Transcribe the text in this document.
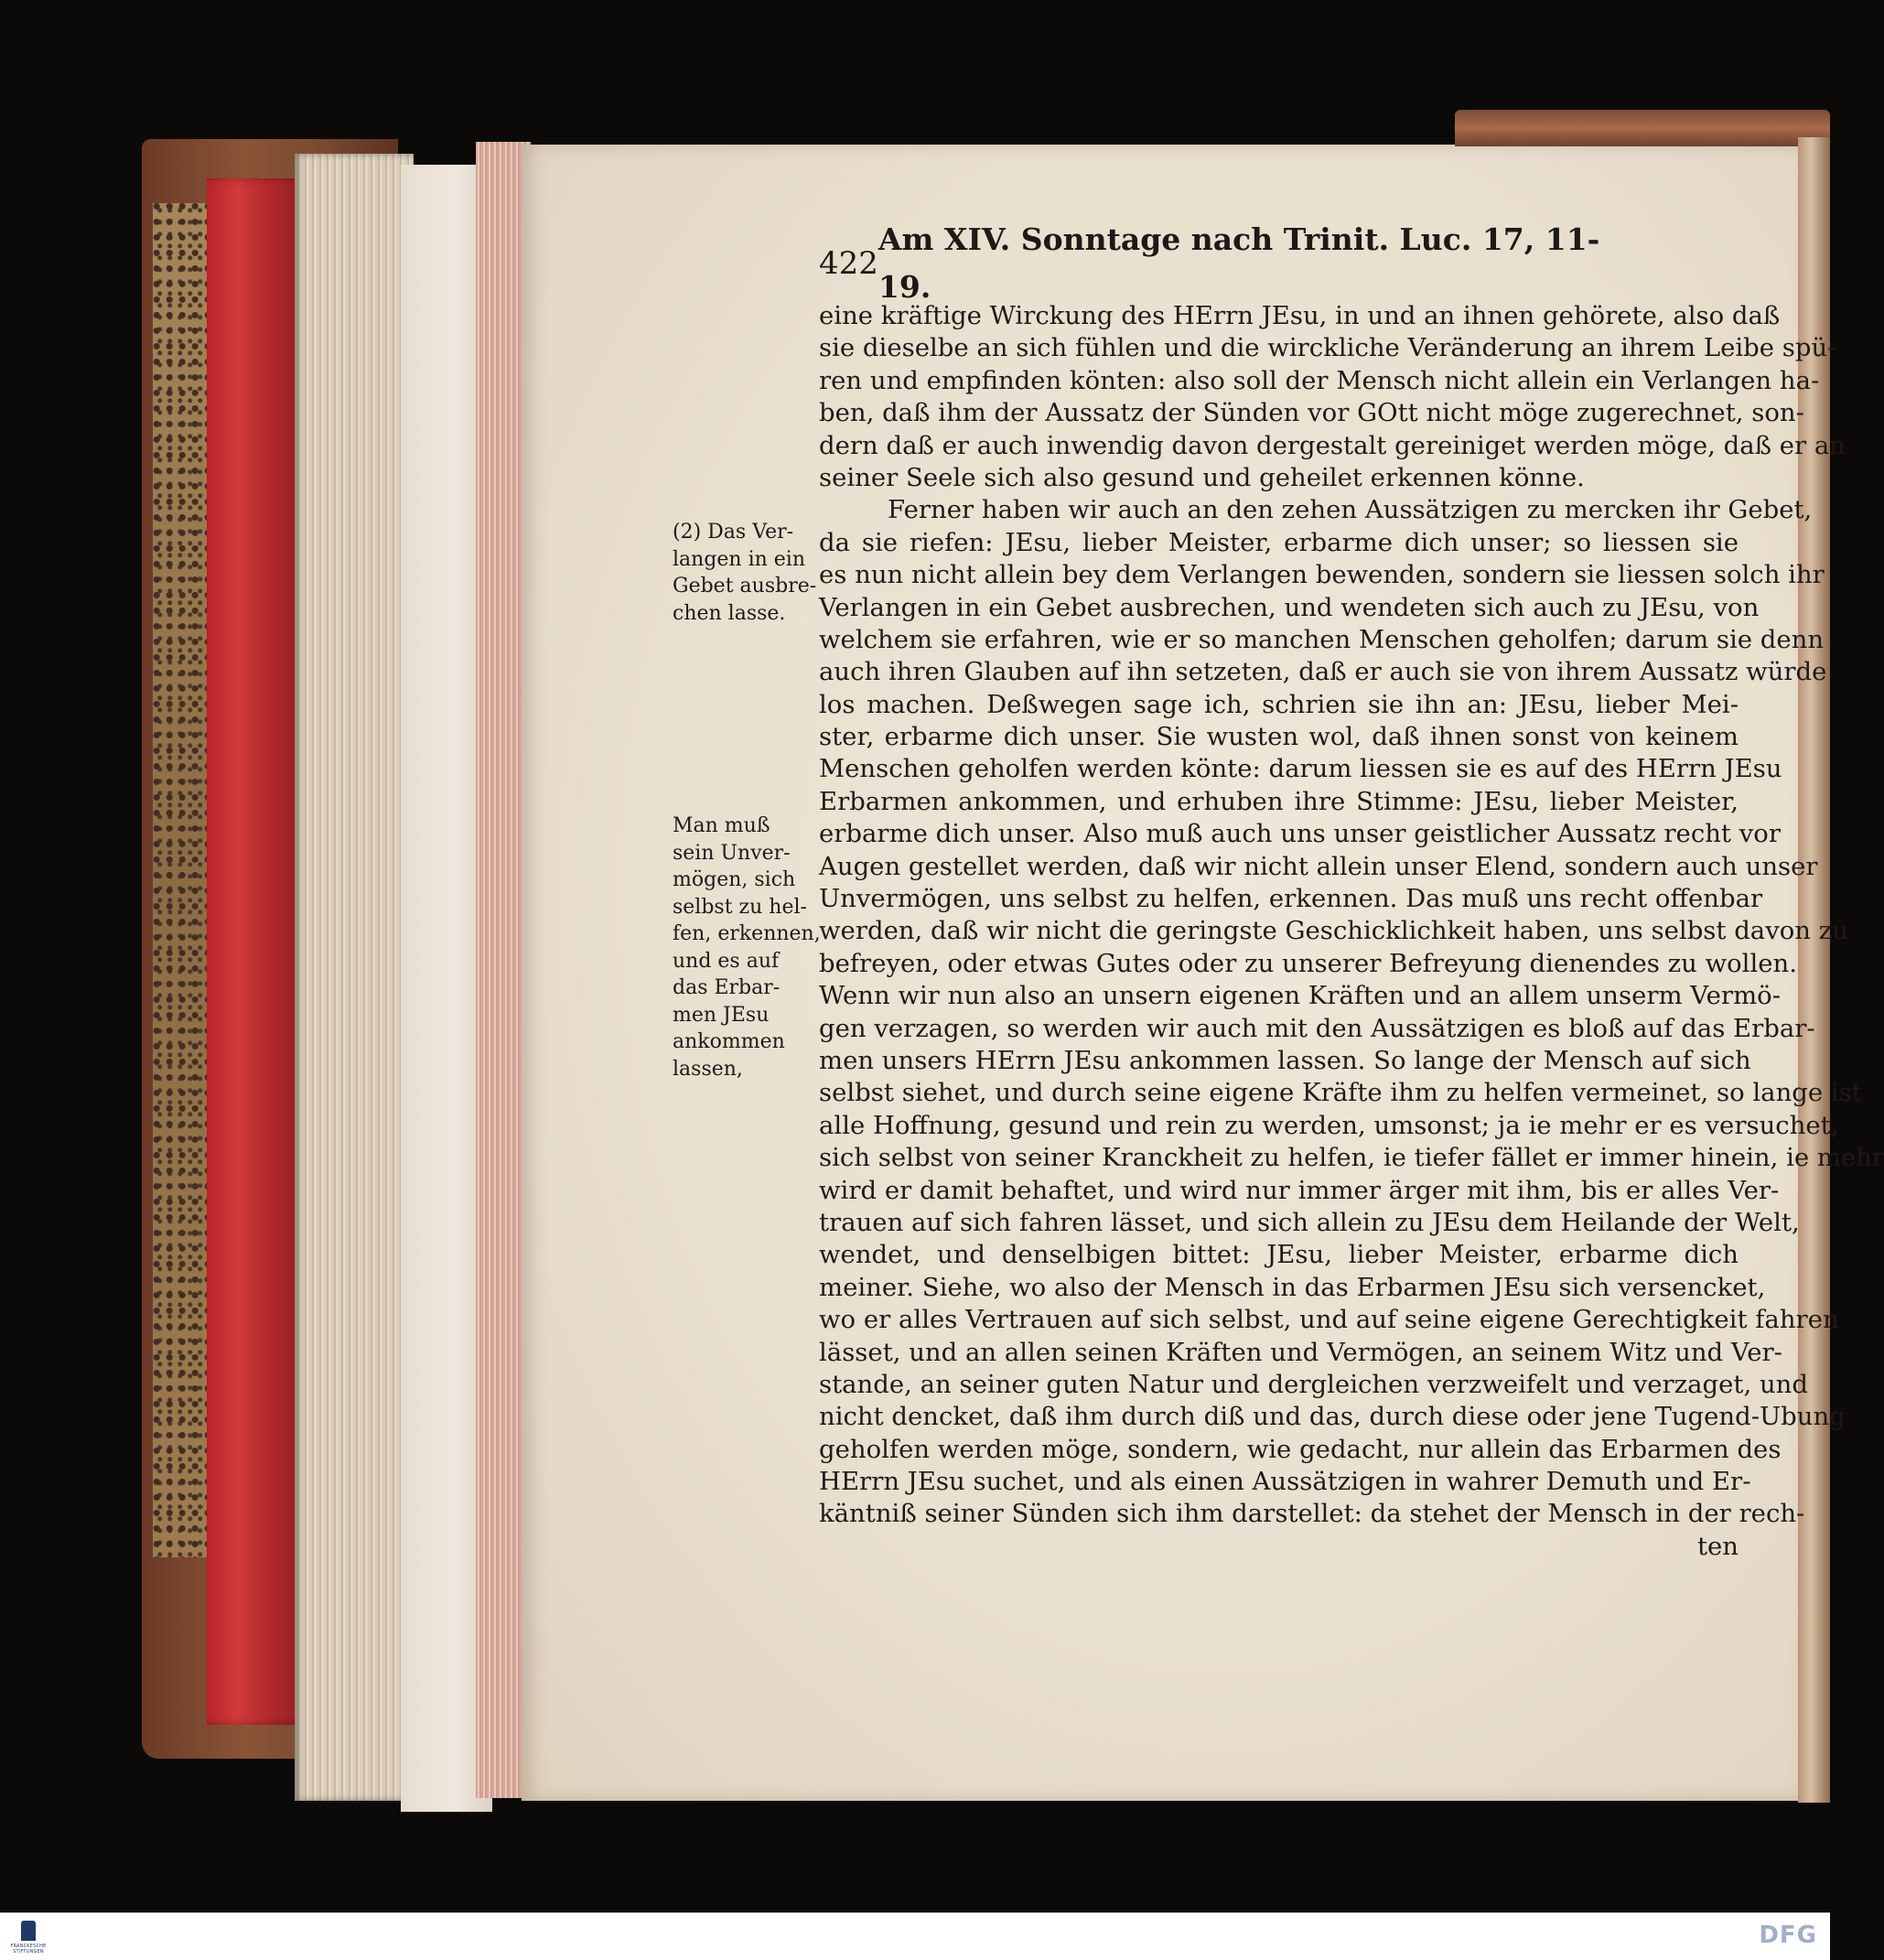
422
Am XIV. Sonntage nach Trinit. Luc. 17, 11-19.
(2) Das Ver-
langen in ein
Gebet ausbre-
chen lasse.
Man muß
sein Unver-
mögen, sich
selbst zu hel-
fen, erkennen,
und es auf
das Erbar-
men JEsu
ankommen
lassen,
eine kräftige Wirckung des HErrn JEsu, in und an ihnen gehörete, also daß
sie dieselbe an sich fühlen und die wirckliche Veränderung an ihrem Leibe spü-
ren und empfinden könten: also soll der Mensch nicht allein ein Verlangen ha-
ben, daß ihm der Aussatz der Sünden vor GOtt nicht möge zugerechnet, son-
dern daß er auch inwendig davon dergestalt gereiniget werden möge, daß er an
seiner Seele sich also gesund und geheilet erkennen könne.
Ferner haben wir auch an den zehen Aussätzigen zu mercken ihr Gebet,
da sie riefen: JEsu, lieber Meister, erbarme dich unser; so liessen sie
es nun nicht allein bey dem Verlangen bewenden, sondern sie liessen solch ihr
Verlangen in ein Gebet ausbrechen, und wendeten sich auch zu JEsu, von
welchem sie erfahren, wie er so manchen Menschen geholfen; darum sie denn
auch ihren Glauben auf ihn setzeten, daß er auch sie von ihrem Aussatz würde
los machen. Deßwegen sage ich, schrien sie ihn an: JEsu, lieber Mei-
ster, erbarme dich unser. Sie wusten wol, daß ihnen sonst von keinem
Menschen geholfen werden könte: darum liessen sie es auf des HErrn JEsu
Erbarmen ankommen, und erhuben ihre Stimme: JEsu, lieber Meister,
erbarme dich unser. Also muß auch uns unser geistlicher Aussatz recht vor
Augen gestellet werden, daß wir nicht allein unser Elend, sondern auch unser
Unvermögen, uns selbst zu helfen, erkennen. Das muß uns recht offenbar
werden, daß wir nicht die geringste Geschicklichkeit haben, uns selbst davon zu
befreyen, oder etwas Gutes oder zu unserer Befreyung dienendes zu wollen.
Wenn wir nun also an unsern eigenen Kräften und an allem unserm Vermö-
gen verzagen, so werden wir auch mit den Aussätzigen es bloß auf das Erbar-
men unsers HErrn JEsu ankommen lassen. So lange der Mensch auf sich
selbst siehet, und durch seine eigene Kräfte ihm zu helfen vermeinet, so lange ist
alle Hoffnung, gesund und rein zu werden, umsonst; ja ie mehr er es versuchet,
sich selbst von seiner Kranckheit zu helfen, ie tiefer fället er immer hinein, ie mehr
wird er damit behaftet, und wird nur immer ärger mit ihm, bis er alles Ver-
trauen auf sich fahren lässet, und sich allein zu JEsu dem Heilande der Welt,
wendet, und denselbigen bittet: JEsu, lieber Meister, erbarme dich
meiner. Siehe, wo also der Mensch in das Erbarmen JEsu sich versencket,
wo er alles Vertrauen auf sich selbst, und auf seine eigene Gerechtigkeit fahren
lässet, und an allen seinen Kräften und Vermögen, an seinem Witz und Ver-
stande, an seiner guten Natur und dergleichen verzweifelt und verzaget, und
nicht dencket, daß ihm durch diß und das, durch diese oder jene Tugend-Ubung
geholfen werden möge, sondern, wie gedacht, nur allein das Erbarmen des
HErrn JEsu suchet, und als einen Aussätzigen in wahrer Demuth und Er-
käntniß seiner Sünden sich ihm darstellet: da stehet der Mensch in der rech-
ten
FRANCKESCHE STIFTUNGEN
DFG
